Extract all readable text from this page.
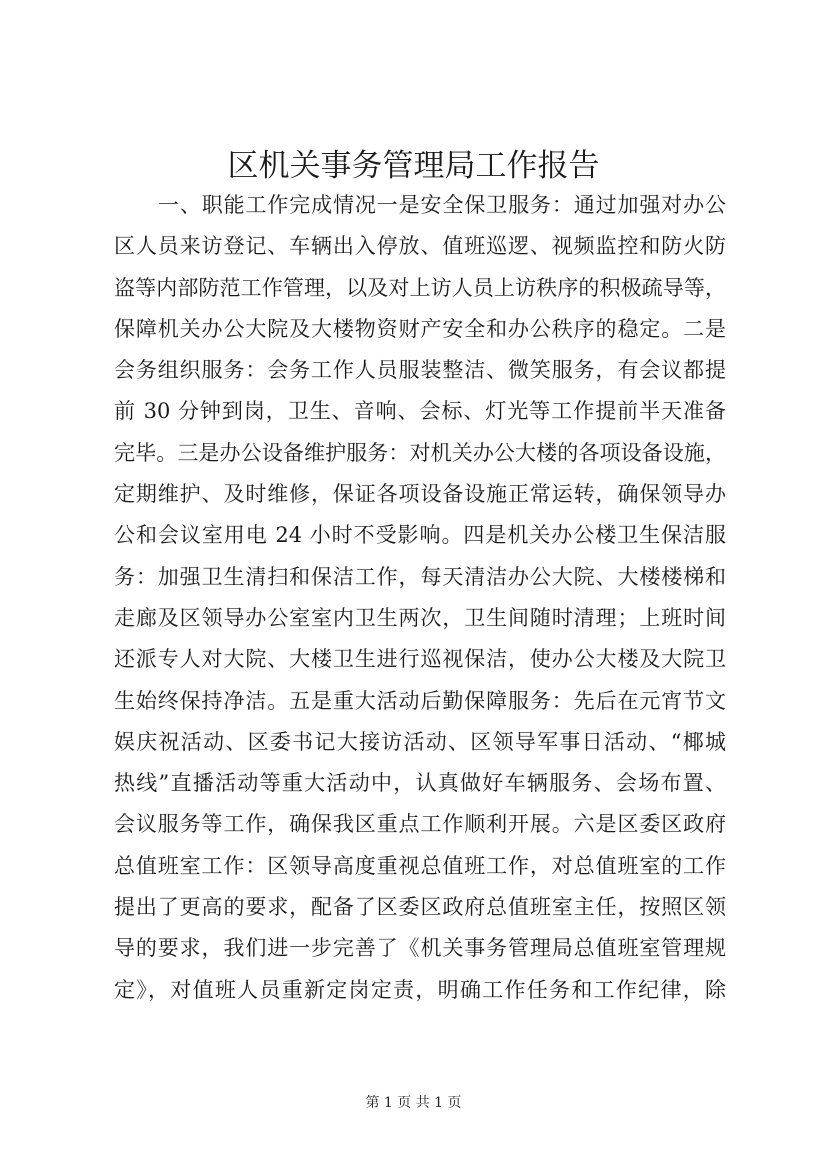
区机关事务管理局工作报告
一、职能工作完成情况一是安全保卫服务：通过加强对办公
区人员来访登记、车辆出入停放、值班巡逻、视频监控和防火防
盗等内部防范工作管理，以及对上访人员上访秩序的积极疏导等，
保障机关办公大院及大楼物资财产安全和办公秩序的稳定。二是
会务组织服务：会务工作人员服装整洁、微笑服务，有会议都提
前 30 分钟到岗，卫生、音响、会标、灯光等工作提前半天准备
完毕。三是办公设备维护服务：对机关办公大楼的各项设备设施，
定期维护、及时维修，保证各项设备设施正常运转，确保领导办
公和会议室用电 24 小时不受影响。四是机关办公楼卫生保洁服
务：加强卫生清扫和保洁工作，每天清洁办公大院、大楼楼梯和
走廊及区领导办公室室内卫生两次，卫生间随时清理；上班时间
还派专人对大院、大楼卫生进行巡视保洁，使办公大楼及大院卫
生始终保持净洁。五是重大活动后勤保障服务：先后在元宵节文
娱庆祝活动、区委书记大接访活动、区领导军事日活动、“椰城
热线”直播活动等重大活动中，认真做好车辆服务、会场布置、
会议服务等工作，确保我区重点工作顺利开展。六是区委区政府
总值班室工作：区领导高度重视总值班工作，对总值班室的工作
提出了更高的要求，配备了区委区政府总值班室主任，按照区领
导的要求，我们进一步完善了《机关事务管理局总值班室管理规
定》，对值班人员重新定岗定责，明确工作任务和工作纪律，除
第 1 页 共 1 页
